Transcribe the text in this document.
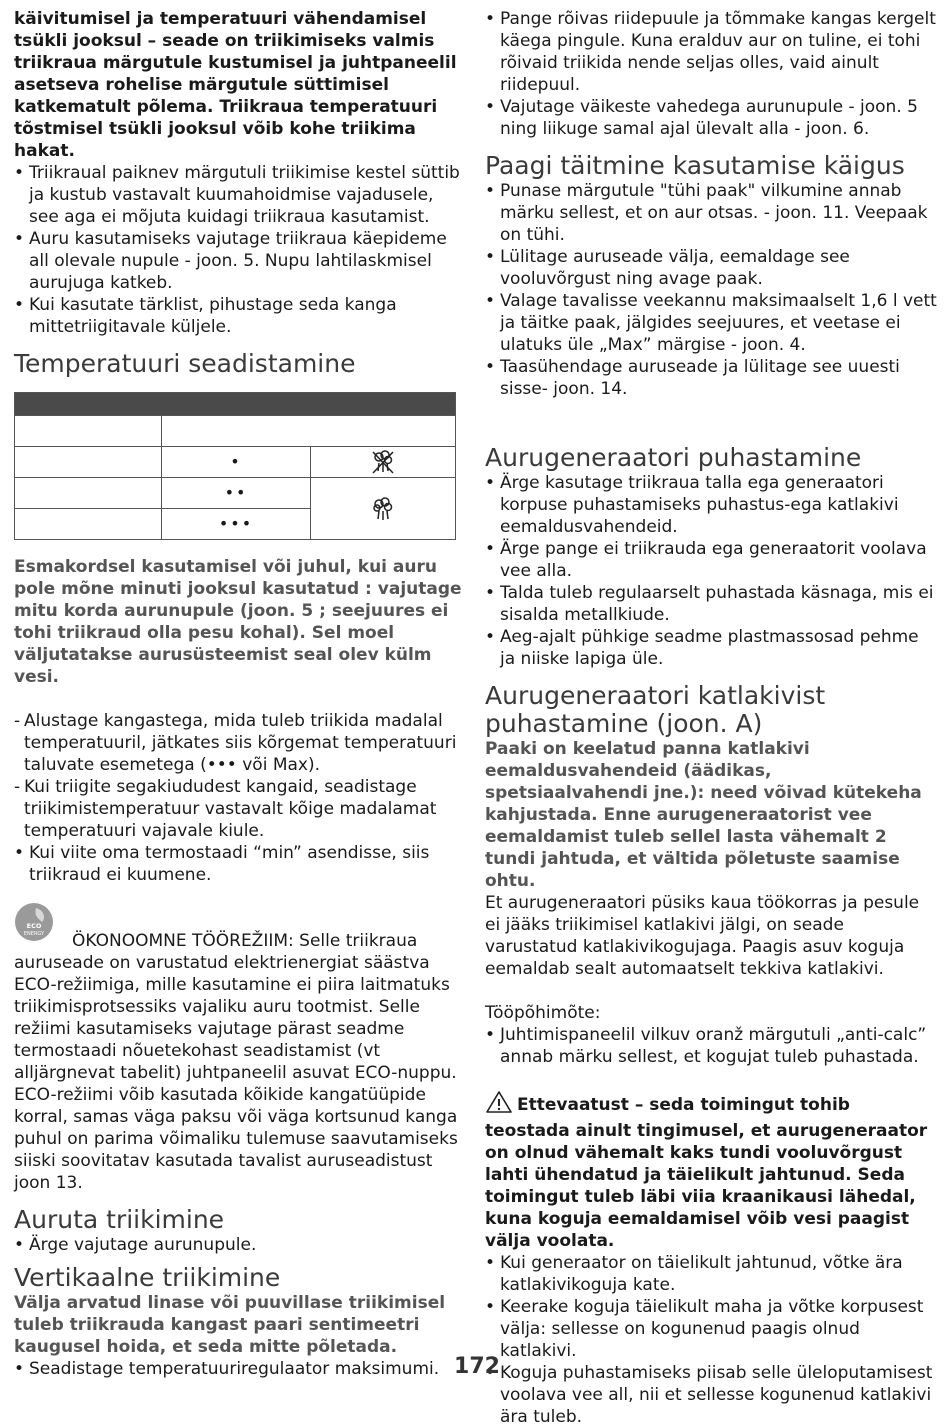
käivitumisel ja temperatuuri vähendamisel tsükli jooksul – seade on triikimiseks valmis triikraua märgutule kustumisel ja juhtpaneelil asetseva rohelise märgutule süttimisel katkematult põlema. Triikraua temperatuuri tõstmisel tsükli jooksul võib kohe triikima hakat.

• Triikraual paiknev märgutuli triikimise kestel süttib ja kustub vastavalt kuumahoidmise vajadusele, see aga ei mõjuta kuidagi triikraua kasutamist.
• Auru kasutamiseks vajutage triikraua käepideme all olevale nupule - joon. 5. Nupu lahtilaskmisel aurujuga katkeb.
• Kui kasutate tärklist, pihustage seda kanga mittetriigitavale küljele.
Temperatuuri seadistamine

	•	
	••	
	•••	

Esmakordsel kasutamisel või juhul, kui auru pole mõne minuti jooksul kasutatud : vajutage mitu korda aurunupule (joon. 5 ; seejuures ei tohi triikraud olla pesu kohal). Sel moel väljutatakse aurusüsteemist seal olev külm vesi.

- Alustage kangastega, mida tuleb triikida madalal temperatuuril, jätkates siis kõrgemat temperatuuri taluvate esemetega (••• või Max).
- Kui triigite segakiududest kangaid, seadistage triikimistemperatuur vastavalt kõige madalamat temperatuuri vajavale kiule.
• Kui viite oma termostaadi “min” asendisse, siis triikraud ei kuumene.

ECO
ENERGY ÖKONOOMNE TÖÖREŽIIM: Selle triikraua auruseade on varustatud elektrienergiat säästva ECO-režiimiga, mille kasutamine ei piira laitmatuks triikimisprotsessiks vajaliku auru tootmist. Selle režiimi kasutamiseks vajutage pärast seadme termostaadi nõuetekohast seadistamist (vt alljärgnevat tabelit) juhtpaneelil asuvat ECO-nuppu. ECO-režiimi võib kasutada kõikide kangatüüpide korral, samas väga paksu või väga kortsunud kanga puhul on parima võimaliku tulemuse saavutamiseks siiski soovitatav kasutada tavalist auruseadistust joon 13.

Auruta triikimine
• Ärge vajutage aurunupule.
Vertikaalne triikimine

Välja arvatud linase või puuvillase triikimisel tuleb triikrauda kangast paari sentimeetri kaugusel hoida, et seda mitte põletada.

• Seadistage temperatuuriregulaator maksimumi.
• Pange rõivas riidepuule ja tõmmake kangas kergelt käega pingule. Kuna eralduv aur on tuline, ei tohi rõivaid triikida nende seljas olles, vaid ainult riidepuul.
• Vajutage väikeste vahedega aurunupule - joon. 5 ning liikuge samal ajal ülevalt alla - joon. 6.
Paagi täitmine kasutamise käigus
• Punase märgutule "tühi paak" vilkumine annab märku sellest, et on aur otsas. - joon. 11. Veepaak on tühi.
• Lülitage auruseade välja, eemaldage see vooluvõrgust ning avage paak.
• Valage tavalisse veekannu maksimaalselt 1,6 l vett ja täitke paak, jälgides seejuures, et veetase ei ulatuks üle „Max” märgise - joon. 4.
• Taasühendage auruseade ja lülitage see uuesti sisse- joon. 14.
Aurugeneraatori puhastamine
• Ärge kasutage triikraua talla ega generaatori korpuse puhastamiseks puhastus-ega katlakivi eemaldusvahendeid.
• Ärge pange ei triikrauda ega generaatorit voolava vee alla.
• Talda tuleb regulaarselt puhastada käsnaga, mis ei sisalda metallkiude.
• Aeg-ajalt pühkige seadme plastmassosad pehme ja niiske lapiga üle.
Aurugeneraatori katlakivist puhastamine (joon. A)

Paaki on keelatud panna katlakivi eemaldusvahendeid (äädikas, spetsiaalvahendi jne.): need võivad kütekeha kahjustada. Enne aurugeneraatorist vee eemaldamist tuleb sellel lasta vähemalt 2 tundi jahtuda, et vältida põletuste saamise ohtu.

Et aurugeneraatori püsiks kaua töökorras ja pesule ei jääks triikimisel katlakivi jälgi, on seade varustatud katlakivikogujaga. Paagis asuv koguja eemaldab sealt automaatselt tekkiva katlakivi.

Tööpõhimõte:

• Juhtimispaneelil vilkuv oranž märgutuli „anti-calc” annab märku sellest, et kogujat tuleb puhastada.

Ettevaatust – seda toimingut tohib teostada ainult tingimusel, et aurugeneraator on olnud vähemalt kaks tundi vooluvõrgust lahti ühendatud ja täielikult jahtunud. Seda toimingut tuleb läbi viia kraanikausi lähedal, kuna koguja eemaldamisel võib vesi paagist välja voolata.

• Kui generaator on täielikult jahtunud, võtke ära katlakivikoguja kate.
• Keerake koguja täielikult maha ja võtke korpusest välja: sellesse on kogunenud paagis olnud katlakivi.
• Koguja puhastamiseks piisab selle üleloputamisest voolava vee all, nii et sellesse kogunenud katlakivi ära tuleb.
172
